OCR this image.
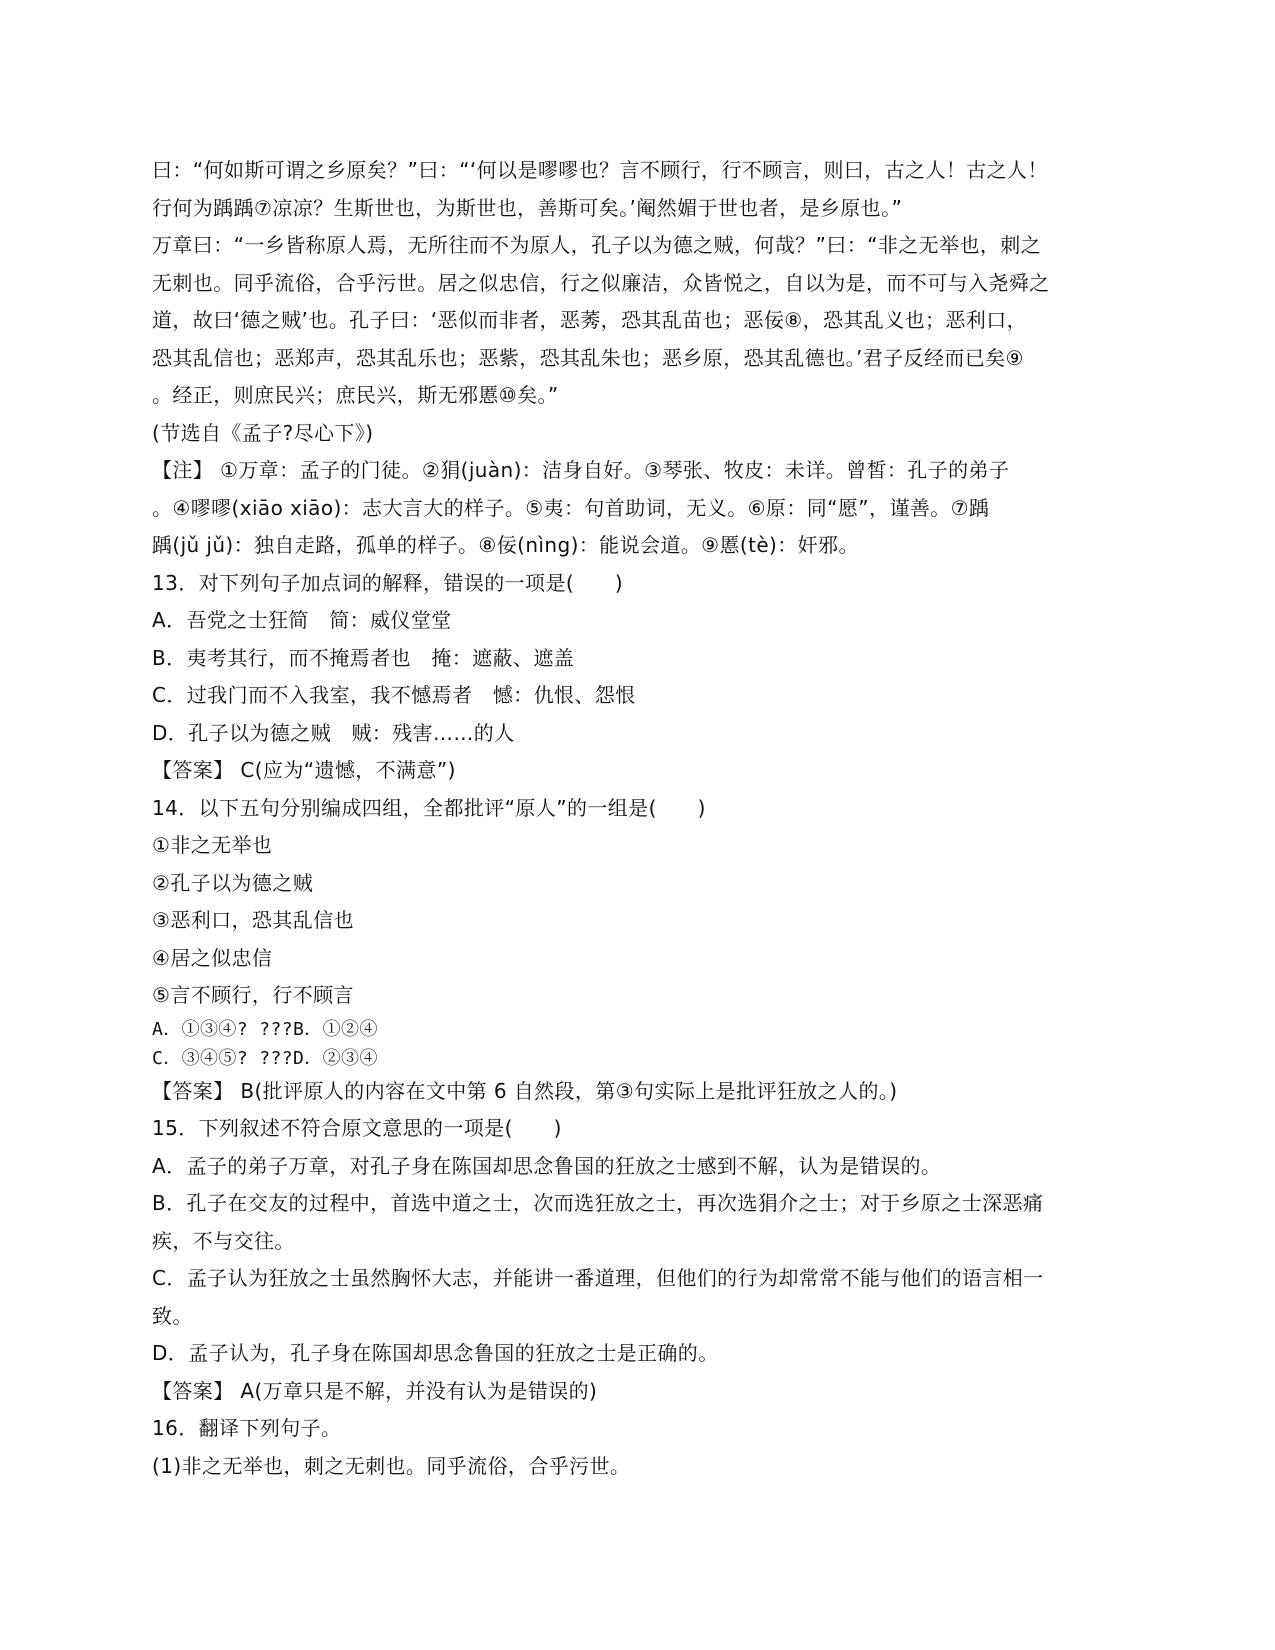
曰：“何如斯可谓之乡原矣？”曰：“‘何以是嘐嘐也？言不顾行，行不顾言，则曰，古之人！古之人！
行何为踽踽⑦凉凉？生斯世也，为斯世也，善斯可矣。’阉然媚于世也者，是乡原也。”
万章曰：“一乡皆称原人焉，无所往而不为原人，孔子以为德之贼，何哉？”曰：“非之无举也，刺之
无刺也。同乎流俗，合乎污世。居之似忠信，行之似廉洁，众皆悦之，自以为是，而不可与入尧舜之
道，故曰‘德之贼’也。孔子曰：‘恶似而非者，恶莠，恐其乱苗也；恶佞⑧，恐其乱义也；恶利口，
恐其乱信也；恶郑声，恐其乱乐也；恶紫，恐其乱朱也；恶乡原，恐其乱德也。’君子反经而已矣⑨
。经正，则庶民兴；庶民兴，斯无邪慝⑩矣。”
(节选自《孟子?尽心下》)
【注】 ①万章：孟子的门徒。②狷(juàn)：洁身自好。③琴张、牧皮：未详。曾皙：孔子的弟子
。④嘐嘐(xiāo xiāo)：志大言大的样子。⑤夷：句首助词，无义。⑥原：同“愿”，谨善。⑦踽
踽(jǔ jǔ)：独自走路，孤单的样子。⑧佞(nìng)：能说会道。⑨慝(tè)：奸邪。
13．对下列句子加点词的解释，错误的一项是(　　)
A．吾党之士狂简　简：威仪堂堂
B．夷考其行，而不掩焉者也　掩：遮蔽、遮盖
C．过我门而不入我室，我不憾焉者　憾：仇恨、怨恨
D．孔子以为德之贼　贼：残害……的人
【答案】 C(应为“遗憾，不满意”)
14．以下五句分别编成四组，全都批评“原人”的一组是(　　)
①非之无举也
②孔子以为德之贼
③恶利口，恐其乱信也
④居之似忠信
⑤言不顾行，行不顾言
A．①③④? ???B．①②④
C．③④⑤? ???D．②③④
【答案】 B(批评原人的内容在文中第 6 自然段，第③句实际上是批评狂放之人的。)
15．下列叙述不符合原文意思的一项是(　　)
A．孟子的弟子万章，对孔子身在陈国却思念鲁国的狂放之士感到不解，认为是错误的。
B．孔子在交友的过程中，首选中道之士，次而选狂放之士，再次选狷介之士；对于乡原之士深恶痛
疾，不与交往。
C．孟子认为狂放之士虽然胸怀大志，并能讲一番道理，但他们的行为却常常不能与他们的语言相一
致。
D．孟子认为，孔子身在陈国却思念鲁国的狂放之士是正确的。
【答案】 A(万章只是不解，并没有认为是错误的)
16．翻译下列句子。
(1)非之无举也，刺之无刺也。同乎流俗，合乎污世。
